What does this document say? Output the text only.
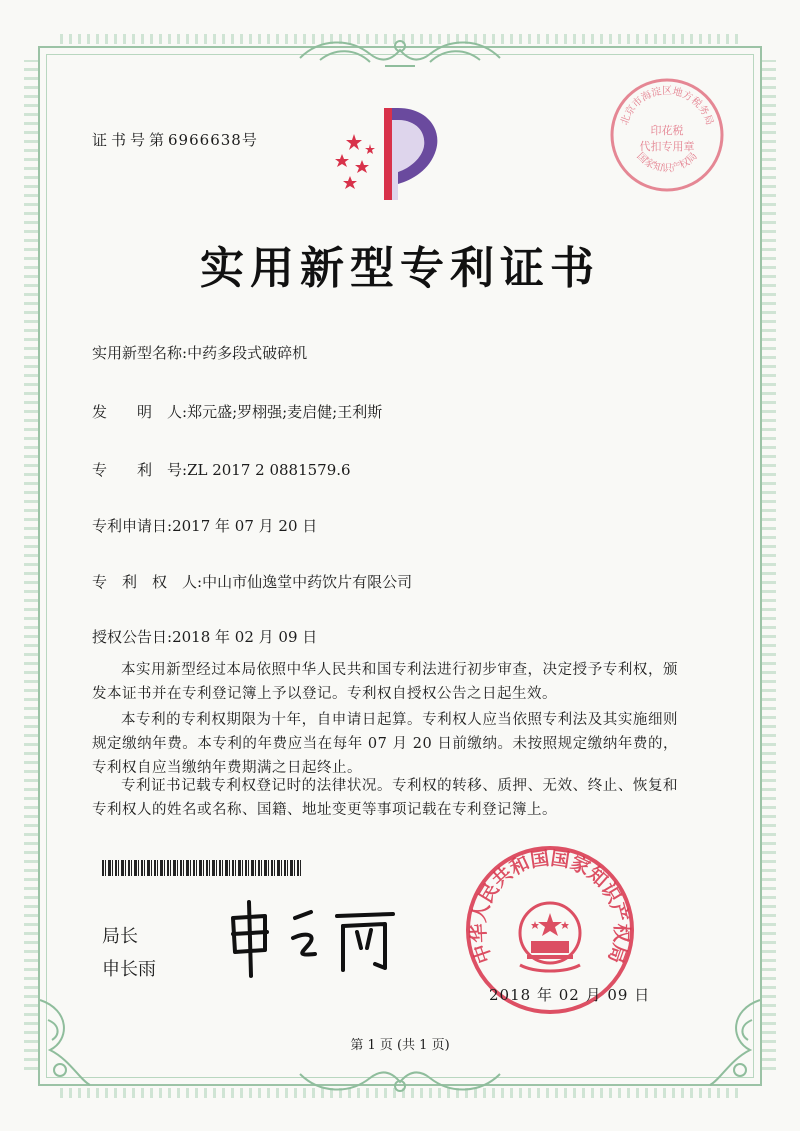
证书号第6966638号
北京市海淀区地方税务局
印花税
代扣专用章
国家知识产权局
实用新型专利证书
实用新型名称:中药多段式破碎机
发　　明　人:郑元盛;罗栩强;麦启健;王利斯
专　　利　号:ZL 2017 2 0881579.6
专利申请日:2017 年 07 月 20 日
专　利　权　人:中山市仙逸堂中药饮片有限公司
授权公告日:2018 年 02 月 09 日
本实用新型经过本局依照中华人民共和国专利法进行初步审查，决定授予专利权，颁发本证书并在专利登记簿上予以登记。专利权自授权公告之日起生效。
本专利的专利权期限为十年，自申请日起算。专利权人应当依照专利法及其实施细则规定缴纳年费。本专利的年费应当在每年 07 月 20 日前缴纳。未按照规定缴纳年费的，专利权自应当缴纳年费期满之日起终止。
专利证书记载专利权登记时的法律状况。专利权的转移、质押、无效、终止、恢复和专利权人的姓名或名称、国籍、地址变更等事项记载在专利登记簿上。
局长
申长雨
中华人民共和国国家知识产权局
2018 年 02 月 09 日
第 1 页 (共 1 页)
